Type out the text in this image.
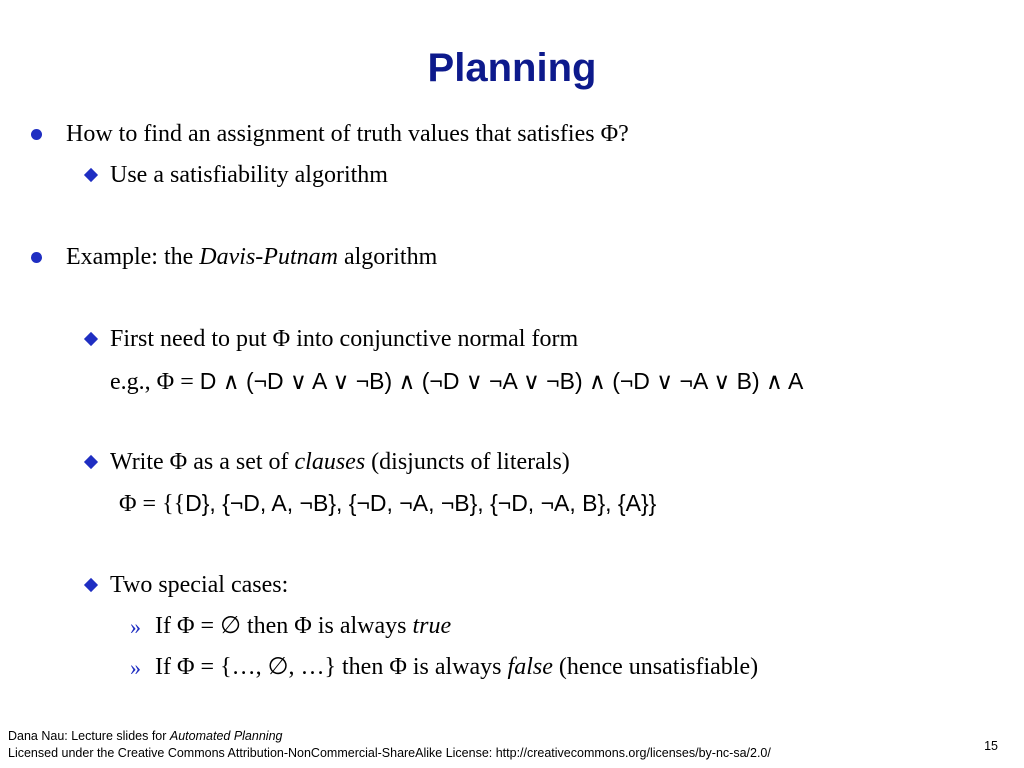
Planning
How to find an assignment of truth values that satisfies Φ?
Use a satisfiability algorithm
Example: the Davis-Putnam algorithm
First need to put Φ into conjunctive normal form
e.g., Φ = D ∧ (¬D ∨ A ∨ ¬B) ∧ (¬D ∨ ¬A ∨ ¬B) ∧ (¬D ∨ ¬A ∨ B) ∧ A
Write Φ as a set of clauses (disjuncts of literals)
Φ = {{D}, {¬D, A, ¬B}, {¬D, ¬A, ¬B}, {¬D, ¬A, B}, {A}}
Two special cases:
» If Φ = ∅ then Φ is always true
» If Φ = {…, ∅, …} then Φ is always false (hence unsatisfiable)
Dana Nau: Lecture slides for Automated Planning
Licensed under the Creative Commons Attribution-NonCommercial-ShareAlike License: http://creativecommons.org/licenses/by-nc-sa/2.0/	15
